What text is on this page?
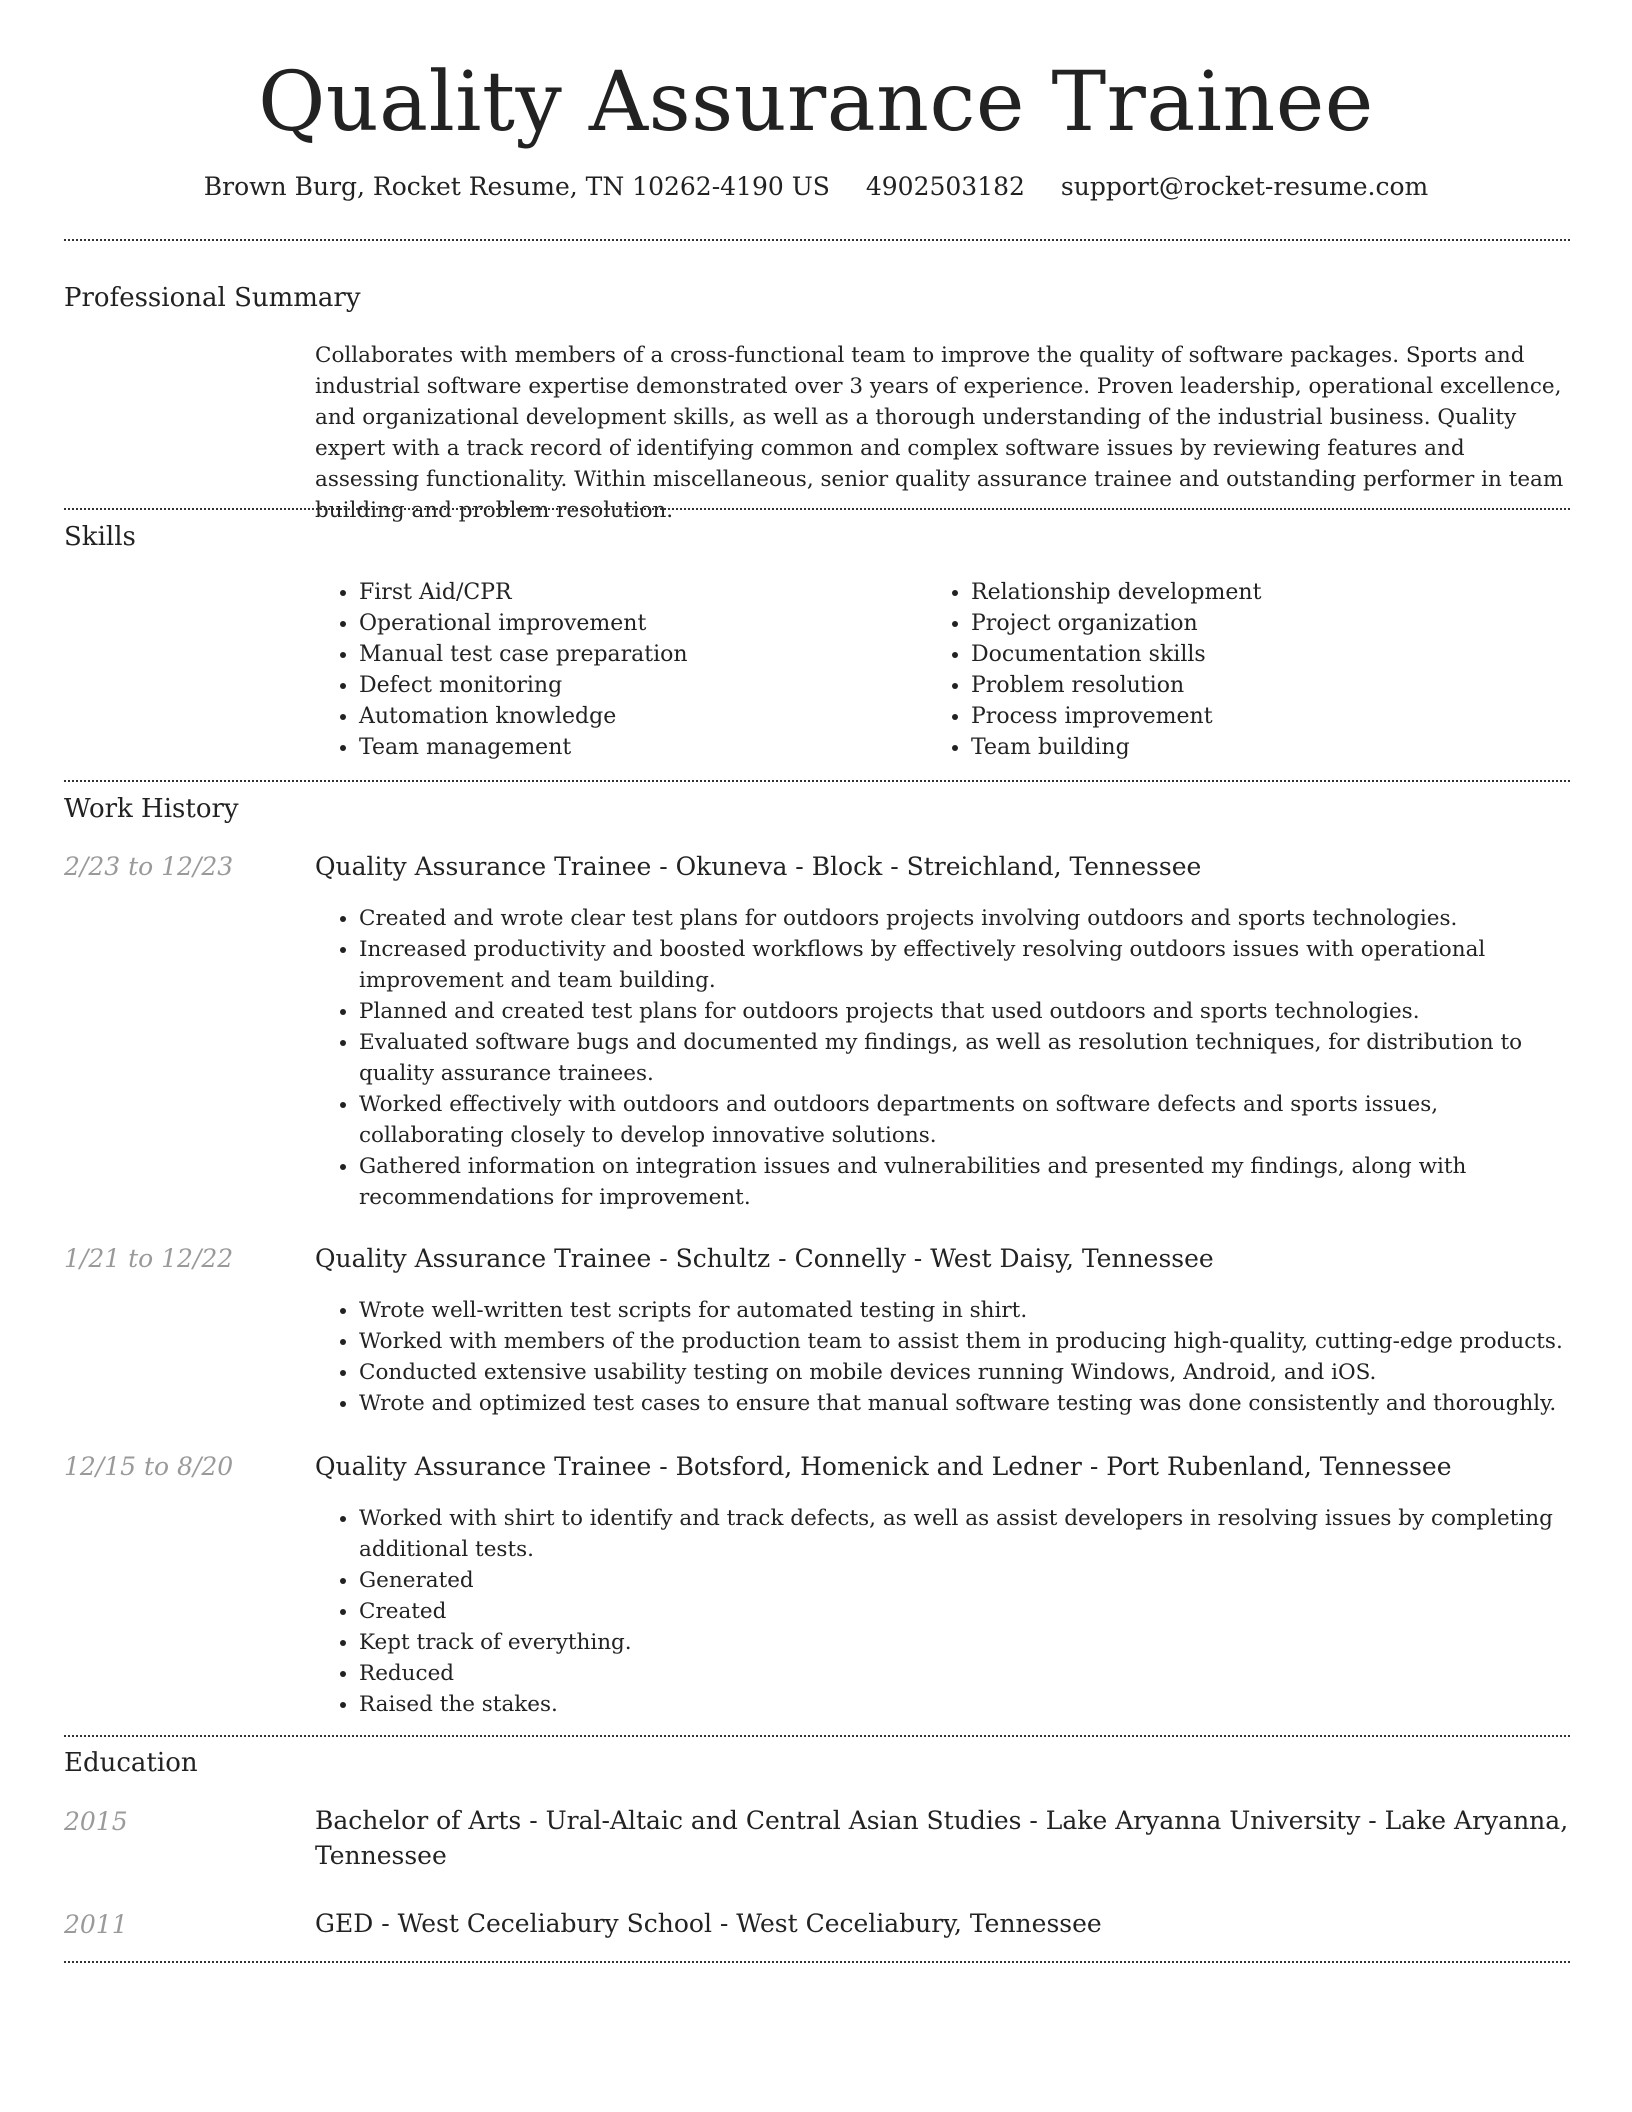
Quality Assurance Trainee
Brown Burg, Rocket Resume, TN 10262-4190 US 4902503182 support@rocket-resume.com
Professional Summary

Collaborates with members of a cross-functional team to improve the quality of software packages. Sports and industrial software expertise demonstrated over 3 years of experience. Proven leadership, operational excellence, and organizational development skills, as well as a thorough understanding of the industrial business. Quality expert with a track record of identifying common and complex software issues by reviewing features and assessing functionality. Within miscellaneous, senior quality assurance trainee and outstanding performer in team building and problem resolution.

Skills
• First Aid/CPR
• Operational improvement
• Manual test case preparation
• Defect monitoring
• Automation knowledge
• Team management
• Relationship development
• Project organization
• Documentation skills
• Problem resolution
• Process improvement
• Team building
Work History
2/23 to 12/23	Quality Assurance Trainee - Okuneva - Block - Streichland, Tennessee
• Created and wrote clear test plans for outdoors projects involving outdoors and sports technologies.
• Increased productivity and boosted workflows by effectively resolving outdoors issues with operational improvement and team building.
• Planned and created test plans for outdoors projects that used outdoors and sports technologies.
• Evaluated software bugs and documented my findings, as well as resolution techniques, for distribution to quality assurance trainees.
• Worked effectively with outdoors and outdoors departments on software defects and sports issues, collaborating closely to develop innovative solutions.
• Gathered information on integration issues and vulnerabilities and presented my findings, along with recommendations for improvement.
1/21 to 12/22	Quality Assurance Trainee - Schultz - Connelly - West Daisy, Tennessee
• Wrote well-written test scripts for automated testing in shirt.
• Worked with members of the production team to assist them in producing high-quality, cutting-edge products.
• Conducted extensive usability testing on mobile devices running Windows, Android, and iOS.
• Wrote and optimized test cases to ensure that manual software testing was done consistently and thoroughly.
12/15 to 8/20	Quality Assurance Trainee - Botsford, Homenick and Ledner - Port Rubenland, Tennessee
• Worked with shirt to identify and track defects, as well as assist developers in resolving issues by completing additional tests.
• Generated
• Created
• Kept track of everything.
• Reduced
• Raised the stakes.
Education
2015	Bachelor of Arts - Ural-Altaic and Central Asian Studies - Lake Aryanna University - Lake Aryanna, Tennessee
2011	GED - West Ceceliabury School - West Ceceliabury, Tennessee
